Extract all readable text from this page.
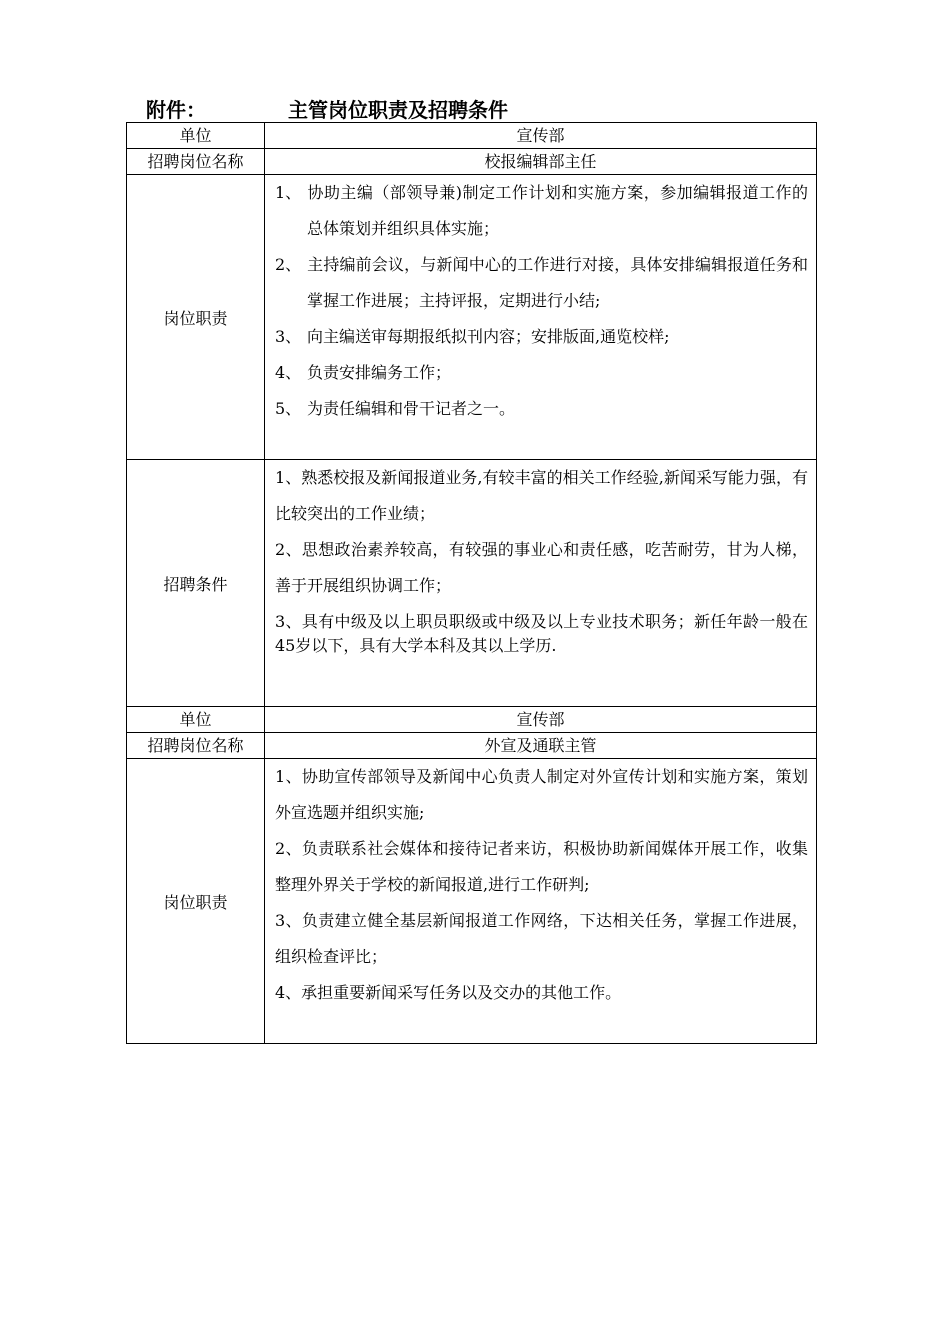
附件：	主管岗位职责及招聘条件
单位	宣传部
招聘岗位名称	校报编辑部主任
岗位职责	1、 协助主编（部领导兼)制定工作计划和实施方案，参加编辑报道工作的总体策划并组织具体实施；
2、 主持编前会议，与新闻中心的工作进行对接，具体安排编辑报道任务和掌握工作进展；主持评报，定期进行小结;
3、 向主编送审每期报纸拟刊内容；安排版面,通览校样;
4、 负责安排编务工作；
5、 为责任编辑和骨干记者之一。

招聘条件	1、熟悉校报及新闻报道业务,有较丰富的相关工作经验,新闻采写能力强，有比较突出的工作业绩；
2、思想政治素养较高，有较强的事业心和责任感，吃苦耐劳，甘为人梯，善于开展组织协调工作；
3、具有中级及以上职员职级或中级及以上专业技术职务；新任年龄一般在45岁以下，具有大学本科及其以上学历.

单位	宣传部
招聘岗位名称	外宣及通联主管
岗位职责	1、协助宣传部领导及新闻中心负责人制定对外宣传计划和实施方案，策划外宣选题并组织实施;
2、负责联系社会媒体和接待记者来访，积极协助新闻媒体开展工作，收集整理外界关于学校的新闻报道,进行工作研判;
3、负责建立健全基层新闻报道工作网络，下达相关任务，掌握工作进展，组织检查评比；
4、承担重要新闻采写任务以及交办的其他工作。
